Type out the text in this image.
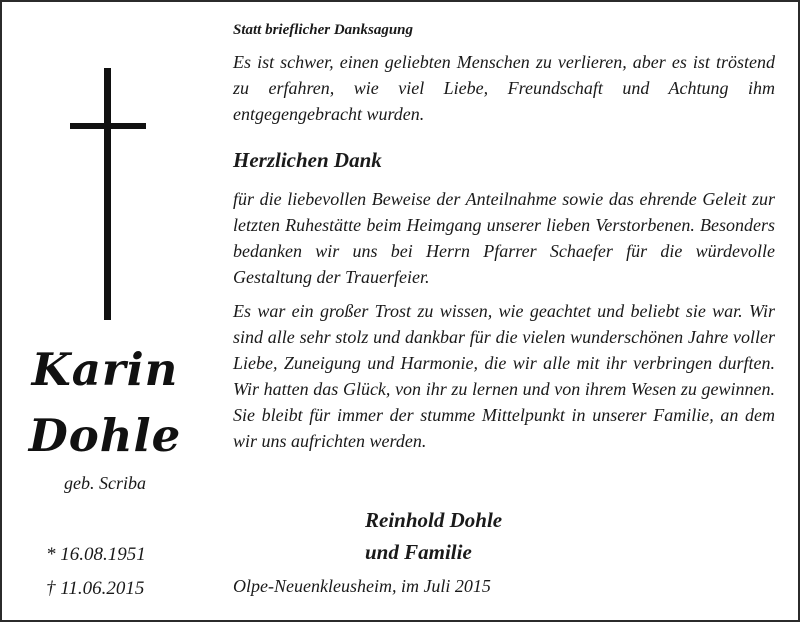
Karin
Dohle
geb. Scriba
* 16.08.1951
† 11.06.2015
Statt brieflicher Danksagung
Es ist schwer, einen geliebten Menschen zu verlieren, aber es ist tröstend zu erfahren, wie viel Liebe, Freundschaft und Achtung ihm entgegengebracht wurden.
Herzlichen Dank
für die liebevollen Beweise der Anteilnahme sowie das ehrende Geleit zur letzten Ruhestätte beim Heimgang unserer lieben Verstorbenen. Besonders bedanken wir uns bei Herrn Pfarrer Schaefer für die würdevolle Gestaltung der Trauerfeier.
Es war ein großer Trost zu wissen, wie geachtet und beliebt sie war. Wir sind alle sehr stolz und dankbar für die vielen wunderschönen Jahre voller Liebe, Zuneigung und Harmonie, die wir alle mit ihr verbringen durften. Wir hatten das Glück, von ihr zu lernen und von ihrem Wesen zu gewinnen. Sie bleibt für immer der stumme Mittelpunkt in unserer Familie, an dem wir uns aufrichten werden.
Reinhold Dohle
und Familie
Olpe-Neuenkleusheim, im Juli 2015
